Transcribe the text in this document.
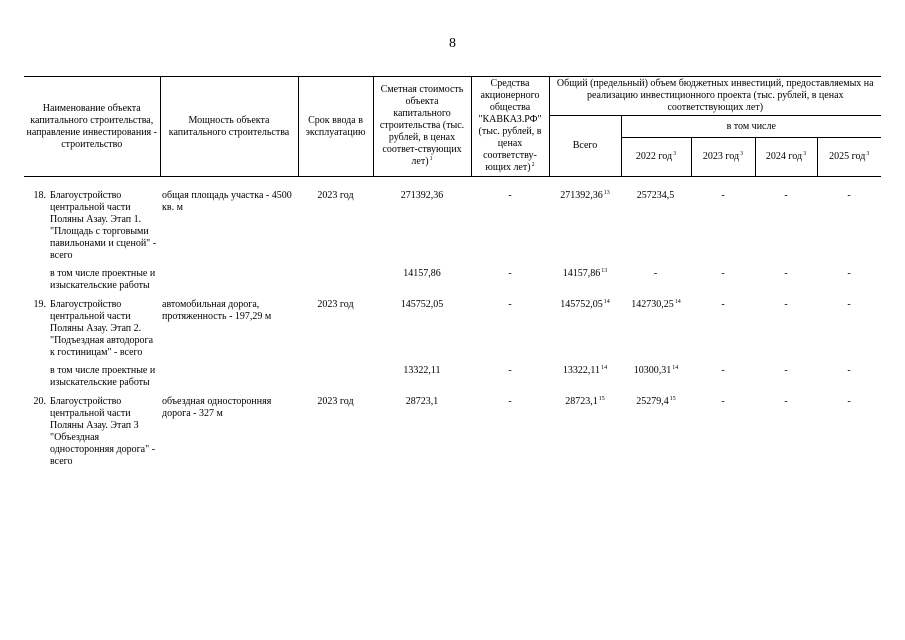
8
Наименование объекта капитального строительства, направление инвестирования - строительство		Мощность объекта капитального строительства	Срок ввода в эксплуатацию	Сметная стоимость объекта капитального строительства (тыс. рублей, в ценах соответ-ствующих лет)$^1$	Средства акционерного общества "КАВКАЗ.РФ" (тыс. рублей, в ценах соответству-ющих лет)$^2$	Общий (предельный) объем бюджетных инвестиций, предоставляемых на реализацию инвестиционного проекта (тыс. рублей, в ценах соответствующих лет)				
						Всего	в том числе			
							2022 год$^3$	2023 год$^3$	2024 год$^3$	2025 год$^3$

18.	Благоустройство центральной части Поляны Азау. Этап 1. "Площадь с торговыми павильонами и сценой" - всего	общая площадь участка - 4500 кв. м	2023 год	271392,36	-	271392,36$^{13}$	257234,5	-	-	-
	в том числе проектные и изыскательские работы			14157,86	-	14157,86$^{13}$	-	-	-	-
19.	Благоустройство центральной части Поляны Азау. Этап 2. "Подъездная автодорога к гостиницам" - всего	автомобильная дорога, протяженность - 197,29 м	2023 год	145752,05	-	145752,05$^{14}$	142730,25$^{14}$	-	-	-
	в том числе проектные и изыскательские работы			13322,11	-	13322,11$^{14}$	10300,31$^{14}$	-	-	-
20.	Благоустройство центральной части Поляны Азау. Этап 3 "Объездная односторонняя дорога" - всего	объездная односторонняя дорога - 327 м	2023 год	28723,1	-	28723,1$^{15}$	25279,4$^{15}$	-	-	-
